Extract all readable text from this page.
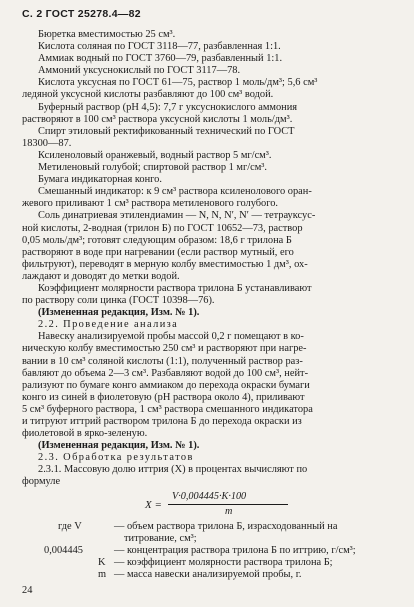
С. 2 ГОСТ 25278.4—82
Бюретка вместимостью 25 см³.
Кислота соляная по ГОСТ 3118—77, разбавленная 1:1.
Аммиак водный по ГОСТ 3760—79, разбавленный 1:1.
Аммоний уксуснокислый по ГОСТ 3117—78.
Кислота уксусная по ГОСТ 61—75, раствор 1 моль/дм³; 5,6 см³
ледяной уксусной кислоты разбавляют до 100 см³ водой.
Буферный раствор (рН 4,5): 7,7 г уксуснокислого аммония
растворяют в 100 см³ раствора уксусной кислоты 1 моль/дм³.
Спирт этиловый ректификованный технический по ГОСТ
18300—87.
Ксиленоловый оранжевый, водный раствор 5 мг/см³.
Метиленовый голубой; спиртовой раствор 1 мг/см³.
Бумага индикаторная конго.
Смешанный индикатор: к 9 см³ раствора ксиленолового оран-
жевого приливают 1 см³ раствора метиленового голубого.
Соль динатриевая этилендиамин — N, N, N′, N′ — тетрауксус-
ной кислоты, 2-водная (трилон Б) по ГОСТ 10652—73, раствор
0,05 моль/дм³; готовят следующим образом: 18,6 г трилона Б
растворяют в воде при нагревании (если раствор мутный, его
фильтруют), переводят в мерную колбу вместимостью 1 дм³, ох-
лаждают и доводят до метки водой.
Коэффициент молярности раствора трилона Б устанавливают
по раствору соли цинка (ГОСТ 10398—76).
(Измененная редакция, Изм. № 1).
2.2. Проведение анализа
Навеску анализируемой пробы массой 0,2 г помещают в ко-
ническую колбу вместимостью 250 см³ и растворяют при нагре-
вании в 10 см³ соляной кислоты (1:1), полученный раствор раз-
бавляют до объема 2—3 см³. Разбавляют водой до 100 см³, нейт-
рализуют по бумаге конго аммиаком до перехода окраски бумаги
конго из синей в фиолетовую (рН раствора около 4), приливают
5 см³ буферного раствора, 1 см³ раствора смешанного индикатора
и титруют иттрий раствором трилона Б до перехода окраски из
фиолетовой в ярко-зеленую.
(Измененная редакция, Изм. № 1).
2.3. Обработка результатов
2.3.1. Массовую долю иттрия (X) в процентах вычисляют по
формуле
X =
V·0,004445·K·100
m
где V	— объем раствора трилона Б, израсходованный на
титрование, см³;
0,004445	— концентрация раствора трилона Б по иттрию, г/см³;
K — коэффициент молярности раствора трилона Б;
m — масса навески анализируемой пробы, г.
24
